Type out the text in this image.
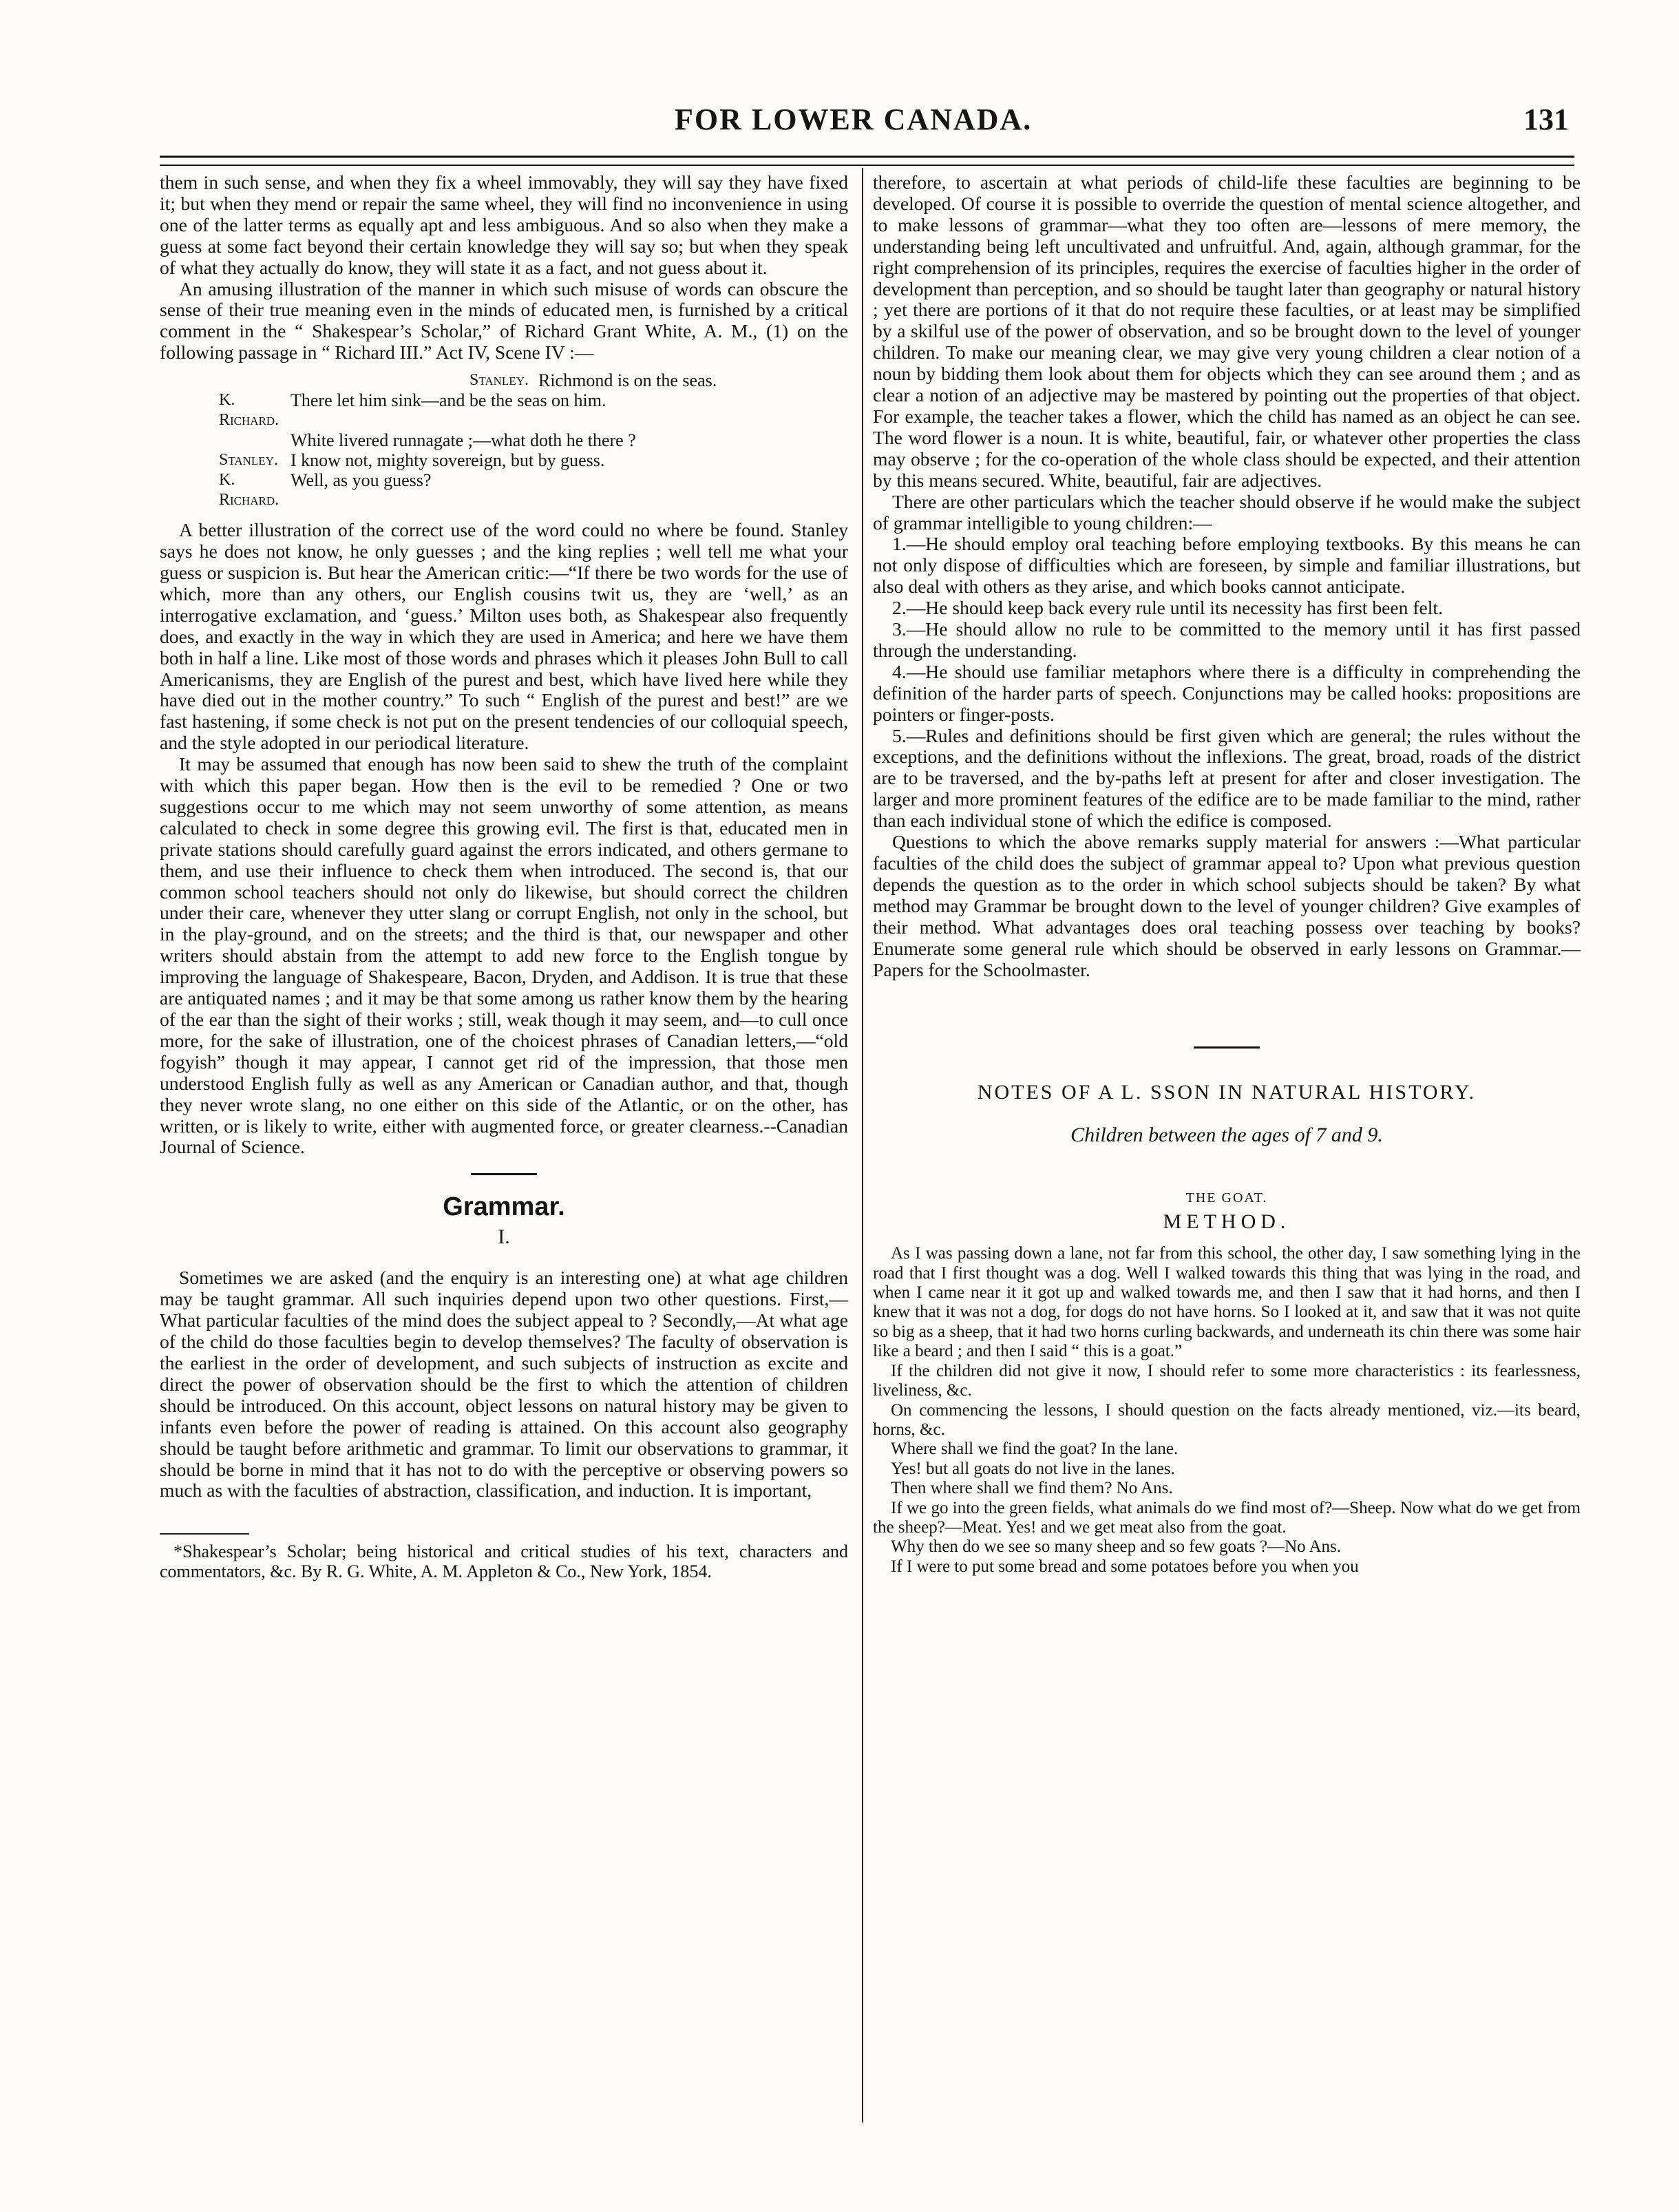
FOR LOWER CANADA.	131

them in such sense, and when they fix a wheel immovably, they will say they have fixed it; but when they mend or repair the same wheel, they will find no inconvenience in using one of the latter terms as equally apt and less ambiguous. And so also when they make a guess at some fact beyond their certain knowledge they will say so; but when they speak of what they actually do know, they will state it as a fact, and not guess about it.

An amusing illustration of the manner in which such misuse of words can obscure the sense of their true meaning even in the minds of educated men, is furnished by a critical comment in the “ Shakespear’s Scholar,” of Richard Grant White, A. M., (1) on the following passage in “ Richard III.” Act IV, Scene IV :—

Stanley. Richmond is on the seas.
K. Richard.
There let him sink—and be the seas on him.
White livered runnagate ;—what doth he there ?
Stanley. I know not, mighty sovereign, but by guess.
K. Richard.
Well, as you guess?

A better illustration of the correct use of the word could no where be found. Stanley says he does not know, he only guesses ; and the king replies ; well tell me what your guess or suspicion is. But hear the American critic:—“If there be two words for the use of which, more than any others, our English cousins twit us, they are ‘well,’ as an interrogative exclamation, and ‘guess.’ Milton uses both, as Shakespear also frequently does, and exactly in the way in which they are used in America; and here we have them both in half a line. Like most of those words and phrases which it pleases John Bull to call Americanisms, they are English of the purest and best, which have lived here while they have died out in the mother country.” To such “ English of the purest and best!” are we fast hastening, if some check is not put on the present tendencies of our colloquial speech, and the style adopted in our periodical literature.

It may be assumed that enough has now been said to shew the truth of the complaint with which this paper began. How then is the evil to be remedied ? One or two suggestions occur to me which may not seem unworthy of some attention, as means calculated to check in some degree this growing evil. The first is that, educated men in private stations should carefully guard against the errors indicated, and others germane to them, and use their influence to check them when introduced. The second is, that our common school teachers should not only do likewise, but should correct the children under their care, whenever they utter slang or corrupt English, not only in the school, but in the play-ground, and on the streets; and the third is that, our newspaper and other writers should abstain from the attempt to add new force to the English tongue by improving the language of Shakespeare, Bacon, Dryden, and Addison. It is true that these are antiquated names ; and it may be that some among us rather know them by the hearing of the ear than the sight of their works ; still, weak though it may seem, and—to cull once more, for the sake of illustration, one of the choicest phrases of Canadian letters,—“old fogyish” though it may appear, I cannot get rid of the impression, that those men understood English fully as well as any American or Canadian author, and that, though they never wrote slang, no one either on this side of the Atlantic, or on the other, has written, or is likely to write, either with augmented force, or greater clearness.--Canadian Journal of Science.

Grammar.
I.

Sometimes we are asked (and the enquiry is an interesting one) at what age children may be taught grammar. All such inquiries depend upon two other questions. First,—What particular faculties of the mind does the subject appeal to ? Secondly,—At what age of the child do those faculties begin to develop themselves? The faculty of observation is the earliest in the order of development, and such subjects of instruction as excite and direct the power of observation should be the first to which the attention of children should be introduced. On this account, object lessons on natural history may be given to infants even before the power of reading is attained. On this account also geography should be taught before arithmetic and grammar. To limit our observations to grammar, it should be borne in mind that it has not to do with the perceptive or observing powers so much as with the faculties of abstraction, classification, and induction. It is important,

*Shakespear’s Scholar; being historical and critical studies of his text, characters and commentators, &c. By R. G. White, A. M. Appleton & Co., New York, 1854.

therefore, to ascertain at what periods of child-life these faculties are beginning to be developed. Of course it is possible to override the question of mental science altogether, and to make lessons of grammar—what they too often are—lessons of mere memory, the understanding being left uncultivated and unfruitful. And, again, although grammar, for the right comprehension of its principles, requires the exercise of faculties higher in the order of development than perception, and so should be taught later than geography or natural history ; yet there are portions of it that do not require these faculties, or at least may be simplified by a skilful use of the power of observation, and so be brought down to the level of younger children. To make our meaning clear, we may give very young children a clear notion of a noun by bidding them look about them for objects which they can see around them ; and as clear a notion of an adjective may be mastered by pointing out the properties of that object. For example, the teacher takes a flower, which the child has named as an object he can see. The word flower is a noun. It is white, beautiful, fair, or whatever other properties the class may observe ; for the co-operation of the whole class should be expected, and their attention by this means secured. White, beautiful, fair are adjectives.

There are other particulars which the teacher should observe if he would make the subject of grammar intelligible to young children:—

1.—He should employ oral teaching before employing textbooks. By this means he can not only dispose of difficulties which are foreseen, by simple and familiar illustrations, but also deal with others as they arise, and which books cannot anticipate.

2.—He should keep back every rule until its necessity has first been felt.

3.—He should allow no rule to be committed to the memory until it has first passed through the understanding.

4.—He should use familiar metaphors where there is a difficulty in comprehending the definition of the harder parts of speech. Conjunctions may be called hooks: propositions are pointers or finger-posts.

5.—Rules and definitions should be first given which are general; the rules without the exceptions, and the definitions without the inflexions. The great, broad, roads of the district are to be traversed, and the by-paths left at present for after and closer investigation. The larger and more prominent features of the edifice are to be made familiar to the mind, rather than each individual stone of which the edifice is composed.

Questions to which the above remarks supply material for answers :—What particular faculties of the child does the subject of grammar appeal to? Upon what previous question depends the question as to the order in which school subjects should be taken? By what method may Grammar be brought down to the level of younger children? Give examples of their method. What advantages does oral teaching possess over teaching by books? Enumerate some general rule which should be observed in early lessons on Grammar.—Papers for the Schoolmaster.

NOTES OF A L. SSON IN NATURAL HISTORY.
Children between the ages of 7 and 9.
THE GOAT.
METHOD.

As I was passing down a lane, not far from this school, the other day, I saw something lying in the road that I first thought was a dog. Well I walked towards this thing that was lying in the road, and when I came near it it got up and walked towards me, and then I saw that it had horns, and then I knew that it was not a dog, for dogs do not have horns. So I looked at it, and saw that it was not quite so big as a sheep, that it had two horns curling backwards, and underneath its chin there was some hair like a beard ; and then I said “ this is a goat.”

If the children did not give it now, I should refer to some more characteristics : its fearlessness, liveliness, &c.

On commencing the lessons, I should question on the facts already mentioned, viz.—its beard, horns, &c.

Where shall we find the goat? In the lane.

Yes! but all goats do not live in the lanes.

Then where shall we find them? No Ans.

If we go into the green fields, what animals do we find most of?—Sheep. Now what do we get from the sheep?—Meat. Yes! and we get meat also from the goat.

Why then do we see so many sheep and so few goats ?—No Ans.

If I were to put some bread and some potatoes before you when you
